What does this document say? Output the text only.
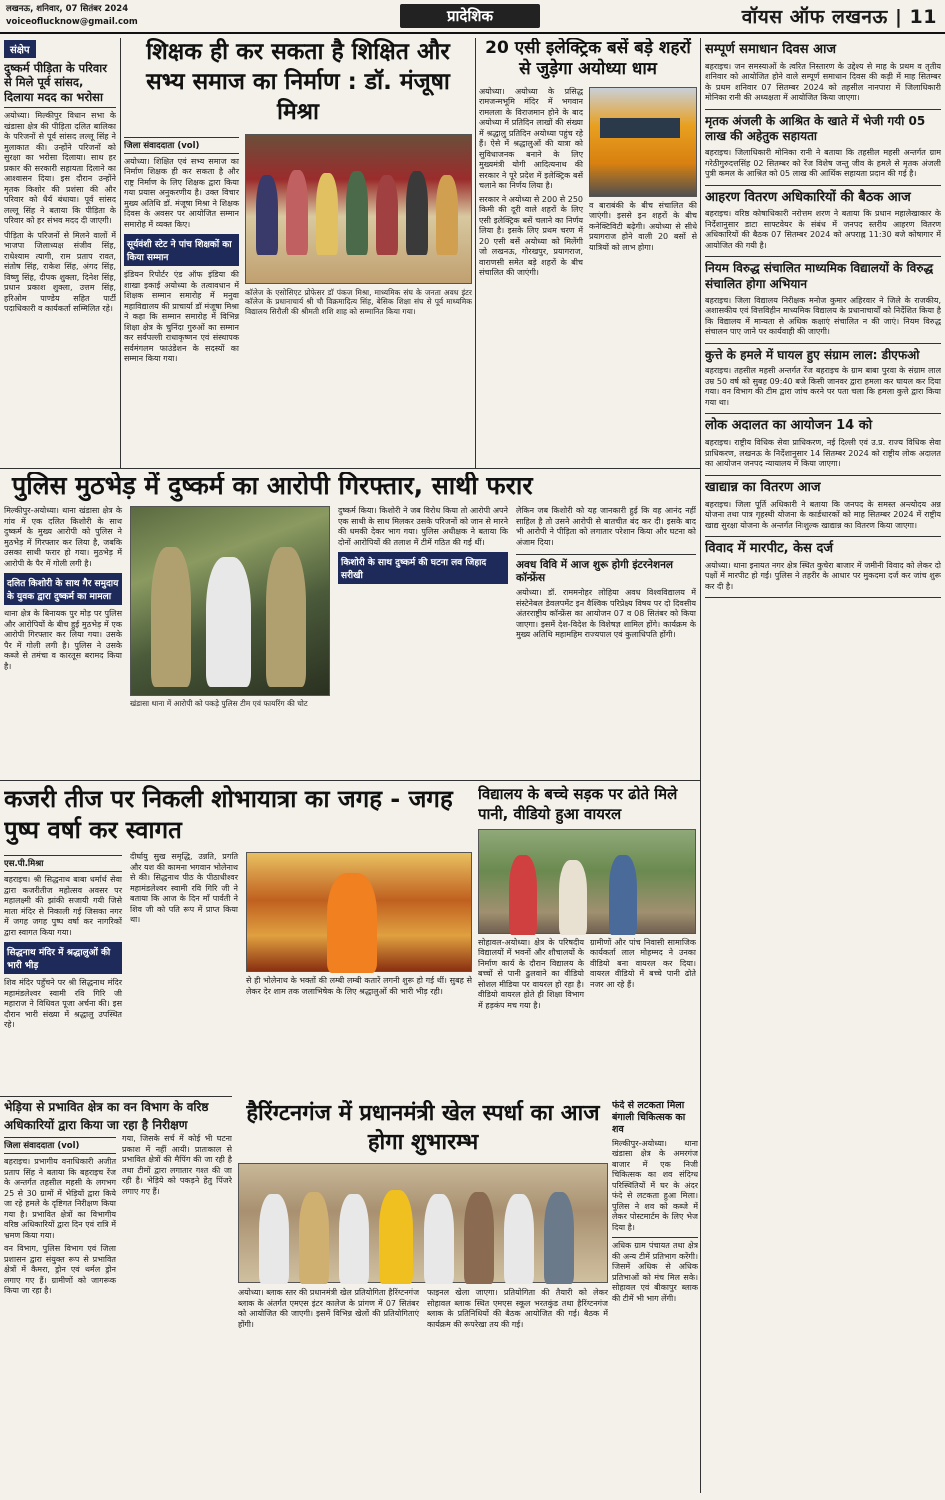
लखनऊ, शनिवार, 07 सितंबर 2024
voiceoflucknow@gmail.com	प्रादेशिक	वॉयस ऑफ लखनऊ | 11
संक्षेप
दुष्कर्म पीड़िता के परिवार से मिले पूर्व सांसद,
दिलाया मदद का भरोसा
अयोध्या। मिल्कीपुर विधान सभा के खंडासा क्षेत्र की पीड़िता दलित बालिका के परिजनों से पूर्व सांसद लल्लू सिंह ने मुलाकात की। उन्होंने परिजनों को सुरक्षा का भरोसा दिलाया। साथ हर प्रकार की सरकारी सहायता दिलाने का आश्वासन दिया। इस दौरान उन्होंने मृतक किशोर की प्रशंसा की और परिवार को धैर्य बंधाया। पूर्व सांसद लल्लू सिंह ने बताया कि पीड़िता के परिवार को हर संभव मदद दी जाएगी।
पीड़िता के परिजनों से मिलने वालों में भाजपा जिलाध्यक्ष संजीव सिंह, राधेश्याम त्यागी, राम प्रताप रावत, संतोष सिंह, राकेश सिंह, अंगद सिंह, विष्णु सिंह, दीपक शुक्ला, दिनेश सिंह, प्रधान प्रकाश शुक्ला, उत्तम सिंह, हरिओम पाण्डेय सहित पार्टी पदाधिकारी व कार्यकर्ता सम्मिलित रहे।
शिक्षक ही कर सकता है शिक्षित और सभ्य समाज का निर्माण : डॉ. मंजूषा मिश्रा
जिला संवाददाता (vol)
अयोध्या। शिक्षित एवं सभ्य समाज का निर्माण शिक्षक ही कर सकता है और राष्ट्र निर्माण के लिए शिक्षक द्वारा किया गया प्रयास अनुकरणीय है। उक्त विचार मुख्य अतिथि डॉ. मंजूषा मिश्रा ने शिक्षक दिवस के अवसर पर आयोजित सम्मान समारोह में व्यक्त किए।
सूर्यवंशी स्टेट ने पांच शिक्षकों का किया सम्मान
इंडियन रिपोर्टर एंड ऑफ इंडिया की शाखा इकाई अयोध्या के तत्वावधान में शिक्षक सम्मान समारोह में मनुवा महाविद्यालय की प्राचार्या डॉ मंजूषा मिश्रा ने कहा कि सम्मान समारोह में विभिन्न शिक्षा क्षेत्र के चुनिंदा गुरुओं का सम्मान कर सर्वपल्ली राधाकृष्णन एवं संस्थापक सर्वमंगलम फाउंडेशन के सदस्यों का सम्मान किया गया।
कॉलेज के एसोसिएट प्रोफेसर डॉ पंकज मिश्रा, माध्यमिक संघ के जनता अवध इंटर कॉलेज के प्रधानाचार्य श्री चौ विक्रमादित्य सिंह, बेसिक शिक्षा संघ से पूर्व माध्यमिक विद्यालय सिरौली की श्रीमती शशि शाह को सम्मानित किया गया।
20 एसी इलेक्ट्रिक बसें बड़े शहरों से जुड़ेगा अयोध्या धाम
अयोध्या। अयोध्या के प्रसिद्ध रामजन्मभूमि मंदिर में भगवान रामलला के विराजमान होने के बाद अयोध्या में प्रतिदिन लाखों की संख्या में श्रद्धालु प्रतिदिन अयोध्या पहुंच रहे हैं। ऐसे में श्रद्धालुओं की यात्रा को सुविधाजनक बनाने के लिए मुख्यमंत्री योगी आदित्यनाथ की सरकार ने पूरे प्रदेश में इलेक्ट्रिक बसें चलाने का निर्णय लिया है।
सरकार ने अयोध्या से 200 से 250 किमी की दूरी वाले शहरों के लिए एसी इलेक्ट्रिक बसें चलाने का निर्णय लिया है। इसके लिए प्रथम चरण में 20 एसी बसें अयोध्या को मिलेंगी जो लखनऊ, गोरखपुर, प्रयागराज, वाराणसी समेत बड़े शहरों के बीच संचालित की जाएंगी।
व बाराबंकी के बीच संचालित की जाएंगी। इससे इन शहरों के बीच कनेक्टिविटी बढ़ेगी। अयोध्या से सीधे प्रयागराज होने वाली 20 बसों से यात्रियों को लाभ होगा।
पुलिस मुठभेड़ में दुष्कर्म का आरोपी गिरफ्तार, साथी फरार
मिल्कीपुर-अयोध्या। थाना खंडासा क्षेत्र के गांव में एक दलित किशोरी के साथ दुष्कर्म के मुख्य आरोपी को पुलिस ने मुठभेड़ में गिरफ्तार कर लिया है, जबकि उसका साथी फरार हो गया। मुठभेड़ में आरोपी के पैर में गोली लगी है।
दलित किशोरी के साथ गैर समुदाय के युवक द्वारा दुष्कर्म का मामला
थाना क्षेत्र के बिनायक पुर मोड़ पर पुलिस और आरोपियों के बीच हुई मुठभेड़ में एक आरोपी गिरफ्तार कर लिया गया। उसके पैर में गोली लगी है। पुलिस ने उसके कब्जे से तमंचा व कारतूस बरामद किया है।
खंडासा थाना में आरोपी को पकड़े पुलिस टीम एवं फायरिंग की चोट
दुष्कर्म किया। किशोरी ने जब विरोध किया तो आरोपी अपने एक साथी के साथ मिलकर उसके परिजनों को जान से मारने की धमकी देकर भाग गया। पुलिस अधीक्षक ने बताया कि दोनों आरोपियों की तलाश में टीमें गठित की गई थीं।
किशोरी के साथ दुष्कर्म की घटना लव जिहाद सरीखी
लेकिन जब किशोरी को यह जानकारी हुई कि वह आनंद नहीं साहिल है तो उसने आरोपी से बातचीत बंद कर दी। इसके बाद भी आरोपी ने पीड़िता को लगातार परेशान किया और घटना को अंजाम दिया।
अवध विवि में आज शुरू होगी इंटरनेशनल कॉन्फ्रेंस
अयोध्या। डॉ. राममनोहर लोहिया अवध विश्वविद्यालय में संस्टेनेबल डेवलपमेंट इन वैश्विक परिप्रेक्ष्य विषय पर दो दिवसीय अंतरराष्ट्रीय कॉन्फ्रेंस का आयोजन 07 व 08 सितंबर को किया जाएगा। इसमें देश-विदेश के विशेषज्ञ शामिल होंगे। कार्यक्रम के मुख्य अतिथि महामहिम राज्यपाल एवं कुलाधिपति होंगी।
कजरी तीज पर निकली शोभायात्रा का जगह - जगह पुष्प वर्षा कर स्वागत
एस.पी.मिश्रा
बहराइच। श्री सिद्धनाथ बाबा धर्मार्थ सेवा द्वारा कजरीतीज महोत्सव अवसर पर महालक्ष्मी की झांकी सजायी गयी जिसे माता मंदिर से निकाली गई जिसका नगर में जगह जगह पुष्प वर्षा कर नागरिकों द्वारा स्वागत किया गया।
सिद्धनाथ मंदिर में श्रद्धालुओं की भारी भीड़
शिव मंदिर पहुँचने पर श्री सिद्धनाथ मंदिर महामंडलेश्वर स्वामी रवि गिरि जी महाराज ने विधिवत पूजा अर्चना की। इस दौरान भारी संख्या में श्रद्धालु उपस्थित रहे।
दीर्घायु सुख समृद्धि, उन्नति, प्रगति और यश की कामना भगवान भोलेनाथ से की। सिद्धनाथ पीठ के पीठाधीश्वर महामंडलेश्वर स्वामी रवि गिरि जी ने बताया कि आज के दिन माँ पार्वती ने शिव जी को पति रूप में प्राप्त किया था।
से ही भोलेनाथ के भक्तों की लम्बी लम्बी कतारें लगनी शुरू हो गई थीं। सुबह से लेकर देर शाम तक जलाभिषेक के लिए श्रद्धालुओं की भारी भीड़ रही।
विद्यालय के बच्चे सड़क पर ढोते मिले पानी, वीडियो हुआ वायरल
सोहावल-अयोध्या। क्षेत्र के परिषदीय विद्यालयों में भवनों और शौचालयों के निर्माण कार्य के दौरान विद्यालय के बच्चों से पानी ढुलवाने का वीडियो सोशल मीडिया पर वायरल हो रहा है। वीडियो वायरल होते ही शिक्षा विभाग में हड़कंप मच गया है।
ग्रामीणों और पांच निवासी सामाजिक कार्यकर्ता लाल मोहम्मद ने उनका वीडियो बना वायरल कर दिया। वायरल वीडियो में बच्चे पानी ढोते नजर आ रहे हैं।
भेड़िया से प्रभावित क्षेत्र का वन विभाग के वरिष्ठ अधिकारियों द्वारा किया जा रहा है निरीक्षण
जिला संवाददाता (vol)
बहराइच। प्रभागीय वनाधिकारी अजीत प्रताप सिंह ने बताया कि बहराइच रेंज के अन्तर्गत तहसील महसी के लगभग 25 से 30 ग्रामों में भेड़ियों द्वारा किये जा रहे हमले के दृष्टिगत निरीक्षण किया गया है। प्रभावित क्षेत्रों का विभागीय वरिष्ठ अधिकारियों द्वारा दिन एवं रात्रि में भ्रमण किया गया।
वन विभाग, पुलिस विभाग एवं जिला प्रशासन द्वारा संयुक्त रूप से प्रभावित क्षेत्रों में कैमरा, ड्रोन एवं थर्मल ड्रोन लगाए गए हैं। ग्रामीणों को जागरूक किया जा रहा है।
गया, जिसके सर्च में कोई भी घटना प्रकाश में नहीं आयी। प्रातःकाल से प्रभावित क्षेत्रों की मैपिंग की जा रही है तथा टीमों द्वारा लगातार गश्त की जा रही है। भेड़िये को पकड़ने हेतु पिंजरे लगाए गए हैं।
हैरिंग्टनगंज में प्रधानमंत्री खेल स्पर्धा का आज होगा शुभारम्भ
अयोध्या। ब्लाक स्तर की प्रधानमंत्री खेल प्रतियोगिता हैरिंग्टनगंज ब्लाक के अंतर्गत एमएस इंटर कालेज के प्रांगण में 07 सितंबर को आयोजित की जाएगी। इसमें विभिन्न खेलों की प्रतियोगिताएं होंगी।
फाइनल खेला जाएगा। प्रतियोगिता की तैयारी को लेकर सोहावल ब्लाक स्थित एमएस स्कूल भरतकुंड तथा हैरिंग्टनगंज ब्लाक के प्रतिनिधियों की बैठक आयोजित की गई। बैठक में कार्यक्रम की रूपरेखा तय की गई।
फंदे से लटकता मिला बंगाली चिकित्सक का शव
मिल्कीपुर-अयोध्या। थाना खंडासा क्षेत्र के अमरगंज बाजार में एक निजी चिकित्सक का शव संदिग्ध परिस्थितियों में घर के अंदर फंदे से लटकता हुआ मिला। पुलिस ने शव को कब्जे में लेकर पोस्टमार्टम के लिए भेज दिया है।
अधिक ग्राम पंचायत तथा क्षेत्र की अन्य टीमें प्रतिभाग करेंगी। जिसमें अधिक से अधिक प्रतिभाओं को मंच मिल सके। सोहावल एवं बीकापुर ब्लाक की टीमें भी भाग लेंगी।
सम्पूर्ण समाधान दिवस आज
बहराइच। जन समस्याओं के त्वरित निस्तारण के उद्देश्य से माह के प्रथम व तृतीय शनिवार को आयोजित होने वाले सम्पूर्ण समाधान दिवस की कड़ी में माह सितम्बर के प्रथम शनिवार 07 सितम्बर 2024 को तहसील नानपारा में जिलाधिकारी मोनिका रानी की अध्यक्षता में आयोजित किया जाएगा।
मृतक अंजली के आश्रित के खाते में भेजी गयी 05 लाख की अहेतुक सहायता
बहराइच। जिलाधिकारी मोनिका रानी ने बताया कि तहसील महसी अन्तर्गत ग्राम गरेठीगुरुदत्तसिंह 02 सितम्बर को रेंज विशेष जन्तु जीव के हमले से मृतक अंजली पुत्री कमल के आश्रित को 05 लाख की आर्थिक सहायता प्रदान की गई है।
आहरण वितरण अधिकारियों की बैठक आज
बहराइच। वरिष्ठ कोषाधिकारी नरोत्तम शरण ने बताया कि प्रधान महालेखाकार के निर्देशानुसार डाटा साफ्टवेयर के संबंध में जनपद स्तरीय आहरण वितरण अधिकारियों की बैठक 07 सितम्बर 2024 को अपराह्न 11:30 बजे कोषागार में आयोजित की गयी है।
नियम विरुद्ध संचालित माध्यमिक विद्यालयों के विरुद्ध संचालित होगा अभियान
बहराइच। जिला विद्यालय निरीक्षक मनोज कुमार अहिरवार ने जिले के राजकीय, अशासकीय एवं वित्तविहीन माध्यमिक विद्यालय के प्रधानाचार्यों को निर्देशित किया है कि विद्यालय में मान्यता से अधिक कक्षाएं संचालित न की जाएं। नियम विरुद्ध संचालन पाए जाने पर कार्यवाही की जाएगी।
कुत्ते के हमले में घायल हुए संग्राम लाल: डीएफओ
बहराइच। तहसील महसी अन्तर्गत रेंज बहराइच के ग्राम बाबा पुरवा के संग्राम लाल उम्र 50 वर्ष को सुबह 09:40 बजे किसी जानवर द्वारा हमला कर घायल कर दिया गया। वन विभाग की टीम द्वारा जांच करने पर पता चला कि हमला कुत्ते द्वारा किया गया था।
लोक अदालत का आयोजन 14 को
बहराइच। राष्ट्रीय विधिक सेवा प्राधिकरण, नई दिल्ली एवं उ.प्र. राज्य विधिक सेवा प्राधिकरण, लखनऊ के निर्देशानुसार 14 सितम्बर 2024 को राष्ट्रीय लोक अदालत का आयोजन जनपद न्यायालय में किया जाएगा।
खाद्यान्न का वितरण आज
बहराइच। जिला पूर्ति अधिकारी ने बताया कि जनपद के समस्त अन्त्योदय अन्न योजना तथा पात्र गृहस्थी योजना के कार्डधारकों को माह सितम्बर 2024 में राष्ट्रीय खाद्य सुरक्षा योजना के अन्तर्गत निःशुल्क खाद्यान्न का वितरण किया जाएगा।
विवाद में मारपीट, केस दर्ज
अयोध्या। थाना इनायत नगर क्षेत्र स्थित कुचेरा बाजार में जमीनी विवाद को लेकर दो पक्षों में मारपीट हो गई। पुलिस ने तहरीर के आधार पर मुकदमा दर्ज कर जांच शुरू कर दी है।
